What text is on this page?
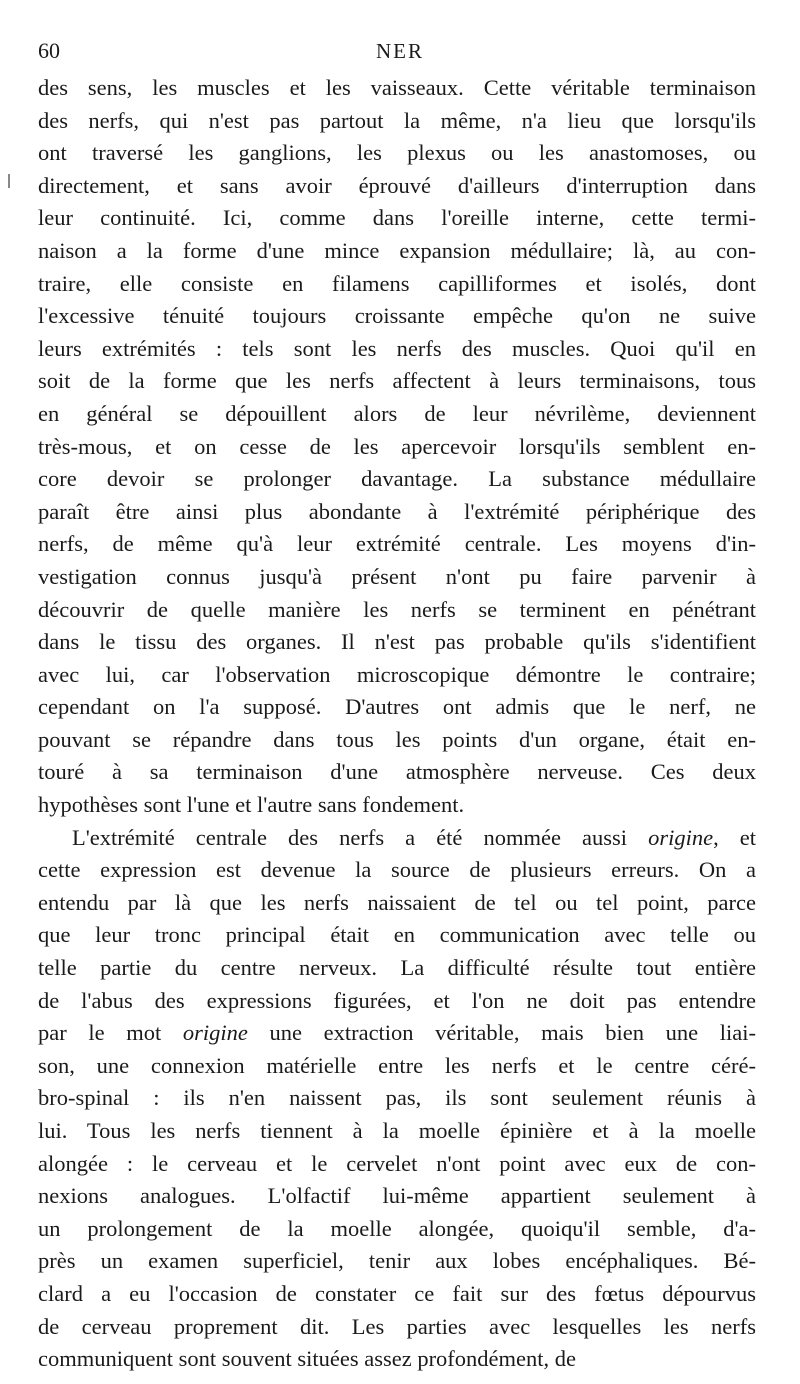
60	NER
des sens, les muscles et les vaisseaux. Cette véritable terminaison
des nerfs, qui n'est pas partout la même, n'a lieu que lorsqu'ils
ont traversé les ganglions, les plexus ou les anastomoses, ou
directement, et sans avoir éprouvé d'ailleurs d'interruption dans
leur continuité. Ici, comme dans l'oreille interne, cette termi-
naison a la forme d'une mince expansion médullaire; là, au con-
traire, elle consiste en filamens capilliformes et isolés, dont
l'excessive ténuité toujours croissante empêche qu'on ne suive
leurs extrémités : tels sont les nerfs des muscles. Quoi qu'il en
soit de la forme que les nerfs affectent à leurs terminaisons, tous
en général se dépouillent alors de leur névrilème, deviennent
très-mous, et on cesse de les apercevoir lorsqu'ils semblent en-
core devoir se prolonger davantage. La substance médullaire
paraît être ainsi plus abondante à l'extrémité périphérique des
nerfs, de même qu'à leur extrémité centrale. Les moyens d'in-
vestigation connus jusqu'à présent n'ont pu faire parvenir à
découvrir de quelle manière les nerfs se terminent en pénétrant
dans le tissu des organes. Il n'est pas probable qu'ils s'identifient
avec lui, car l'observation microscopique démontre le contraire;
cependant on l'a supposé. D'autres ont admis que le nerf, ne
pouvant se répandre dans tous les points d'un organe, était en-
touré à sa terminaison d'une atmosphère nerveuse. Ces deux
hypothèses sont l'une et l'autre sans fondement.
L'extrémité centrale des nerfs a été nommée aussi origine, et
cette expression est devenue la source de plusieurs erreurs. On a
entendu par là que les nerfs naissaient de tel ou tel point, parce
que leur tronc principal était en communication avec telle ou
telle partie du centre nerveux. La difficulté résulte tout entière
de l'abus des expressions figurées, et l'on ne doit pas entendre
par le mot origine une extraction véritable, mais bien une liai-
son, une connexion matérielle entre les nerfs et le centre céré-
bro-spinal : ils n'en naissent pas, ils sont seulement réunis à
lui. Tous les nerfs tiennent à la moelle épinière et à la moelle
alongée : le cerveau et le cervelet n'ont point avec eux de con-
nexions analogues. L'olfactif lui-même appartient seulement à
un prolongement de la moelle alongée, quoiqu'il semble, d'a-
près un examen superficiel, tenir aux lobes encéphaliques. Bé-
clard a eu l'occasion de constater ce fait sur des fœtus dépourvus
de cerveau proprement dit. Les parties avec lesquelles les nerfs
communiquent sont souvent situées assez profondément, de
